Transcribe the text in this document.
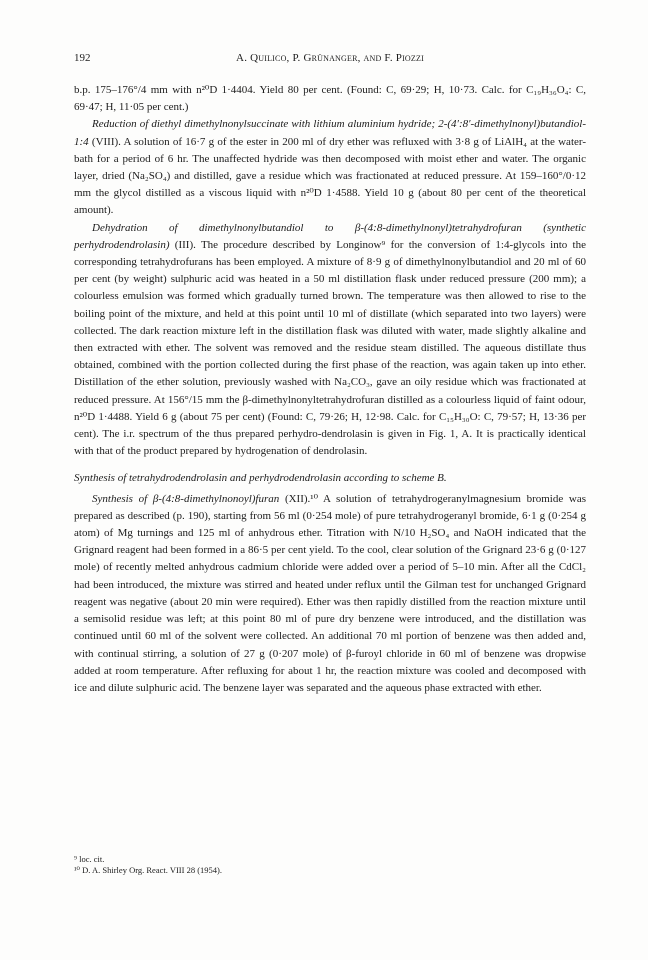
192	A. Quilico, P. Grünanger, and F. Piozzi

b.p. 175–176°/4 mm with n²⁰D 1·4404. Yield 80 per cent. (Found: C, 69·29; H, 10·73. Calc. for C₁₉H₃₆O₄: C, 69·47; H, 11·05 per cent.)

Reduction of diethyl dimethylnonylsuccinate with lithium aluminium hydride; 2-(4′:8′-dimethylnonyl)butandiol-1:4 (VIII). A solution of 16·7 g of the ester in 200 ml of dry ether was refluxed with 3·8 g of LiAlH₄ at the water-bath for a period of 6 hr. The unaffected hydride was then decomposed with moist ether and water. The organic layer, dried (Na₂SO₄) and distilled, gave a residue which was fractionated at reduced pressure. At 159–160°/0·12 mm the glycol distilled as a viscous liquid with n²⁰D 1·4588. Yield 10 g (about 80 per cent of the theoretical amount).

Dehydration of dimethylnonylbutandiol to β-(4:8-dimethylnonyl)tetrahydrofuran (synthetic perhydrodendrolasin) (III). The procedure described by Longinow⁹ for the conversion of 1:4-glycols into the corresponding tetrahydrofurans has been employed. A mixture of 8·9 g of dimethylnonylbutandiol and 20 ml of 60 per cent (by weight) sulphuric acid was heated in a 50 ml distillation flask under reduced pressure (200 mm); a colourless emulsion was formed which gradually turned brown. The temperature was then allowed to rise to the boiling point of the mixture, and held at this point until 10 ml of distillate (which separated into two layers) were collected. The dark reaction mixture left in the distillation flask was diluted with water, made slightly alkaline and then extracted with ether. The solvent was removed and the residue steam distilled. The aqueous distillate thus obtained, combined with the portion collected during the first phase of the reaction, was again taken up into ether. Distillation of the ether solution, previously washed with Na₂CO₃, gave an oily residue which was fractionated at reduced pressure. At 156°/15 mm the β-dimethylnonyltetrahydrofuran distilled as a colourless liquid of faint odour, n²⁰D 1·4488. Yield 6 g (about 75 per cent) (Found: C, 79·26; H, 12·98. Calc. for C₁₅H₃₀O: C, 79·57; H, 13·36 per cent). The i.r. spectrum of the thus prepared perhydro-dendrolasin is given in Fig. 1, A. It is practically identical with that of the product prepared by hydrogenation of dendrolasin.

Synthesis of tetrahydrodendrolasin and perhydrodendrolasin according to scheme B.

Synthesis of β-(4:8-dimethylnonoyl)furan (XII).¹⁰ A solution of tetrahydrogeranylmagnesium bromide was prepared as described (p. 190), starting from 56 ml (0·254 mole) of pure tetrahydrogeranyl bromide, 6·1 g (0·254 g atom) of Mg turnings and 125 ml of anhydrous ether. Titration with N/10 H₂SO₄ and NaOH indicated that the Grignard reagent had been formed in a 86·5 per cent yield. To the cool, clear solution of the Grignard 23·6 g (0·127 mole) of recently melted anhydrous cadmium chloride were added over a period of 5–10 min. After all the CdCl₂ had been introduced, the mixture was stirred and heated under reflux until the Gilman test for unchanged Grignard reagent was negative (about 20 min were required). Ether was then rapidly distilled from the reaction mixture until a semisolid residue was left; at this point 80 ml of pure dry benzene were introduced, and the distillation was continued until 60 ml of the solvent were collected. An additional 70 ml portion of benzene was then added and, with continual stirring, a solution of 27 g (0·207 mole) of β-furoyl chloride in 60 ml of benzene was dropwise added at room temperature. After refluxing for about 1 hr, the reaction mixture was cooled and decomposed with ice and dilute sulphuric acid. The benzene layer was separated and the aqueous phase extracted with ether.

⁹ loc. cit.

¹⁰ D. A. Shirley Org. React. VIII 28 (1954).
